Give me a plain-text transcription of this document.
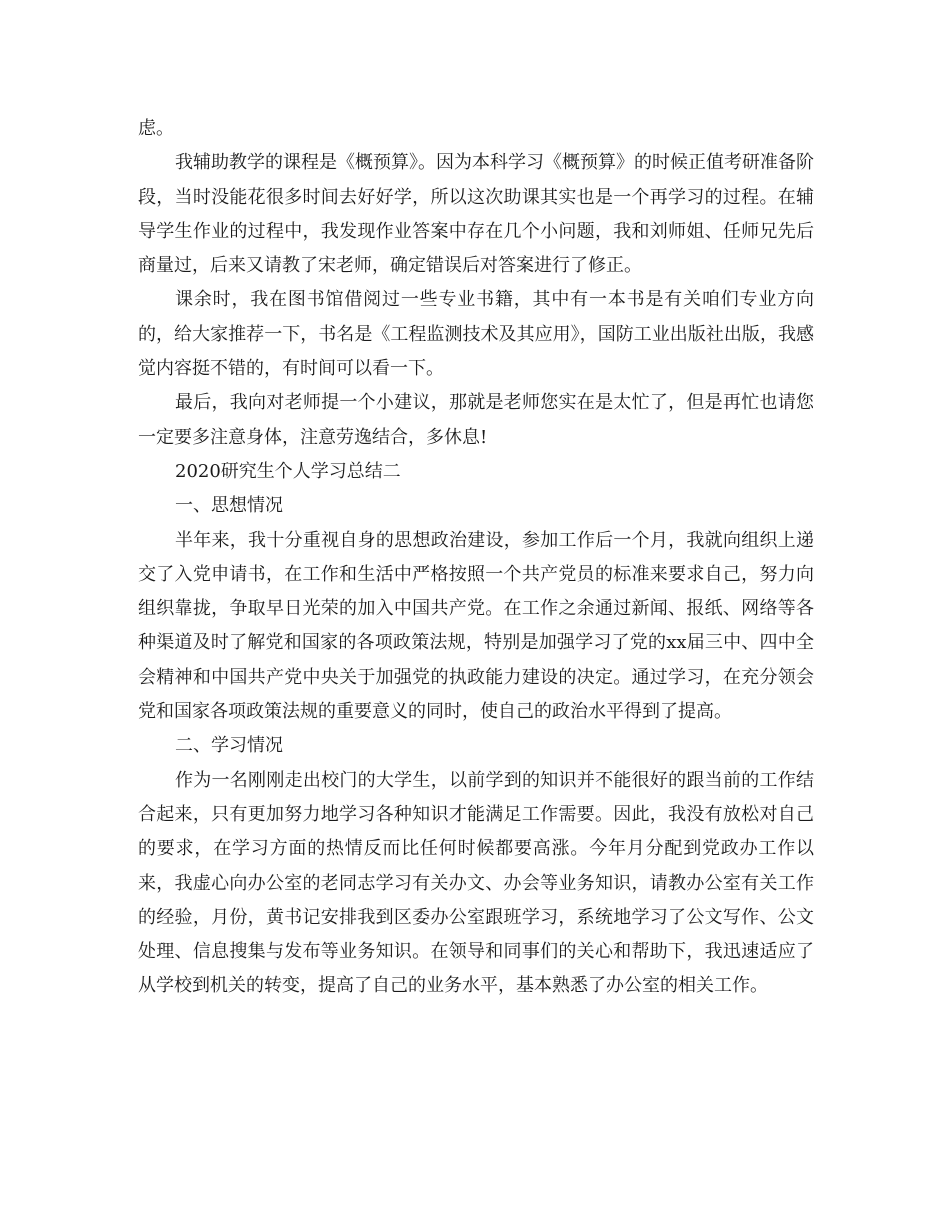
虑。

我辅助教学的课程是《概预算》。因为本科学习《概预算》的时候正值考研准备阶段，当时没能花很多时间去好好学，所以这次助课其实也是一个再学习的过程。在辅导学生作业的过程中，我发现作业答案中存在几个小问题，我和刘师姐、任师兄先后商量过，后来又请教了宋老师，确定错误后对答案进行了修正。

课余时，我在图书馆借阅过一些专业书籍，其中有一本书是有关咱们专业方向的，给大家推荐一下，书名是《工程监测技术及其应用》，国防工业出版社出版，我感觉内容挺不错的，有时间可以看一下。

最后，我向对老师提一个小建议，那就是老师您实在是太忙了，但是再忙也请您一定要多注意身体，注意劳逸结合，多休息!

2020研究生个人学习总结二

一、思想情况

半年来，我十分重视自身的思想政治建设，参加工作后一个月，我就向组织上递交了入党申请书，在工作和生活中严格按照一个共产党员的标准来要求自己，努力向组织靠拢，争取早日光荣的加入中国共产党。在工作之余通过新闻、报纸、网络等各种渠道及时了解党和国家的各项政策法规，特别是加强学习了党的xx届三中、四中全会精神和中国共产党中央关于加强党的执政能力建设的决定。通过学习，在充分领会党和国家各项政策法规的重要意义的同时，使自己的政治水平得到了提高。

二、学习情况

作为一名刚刚走出校门的大学生，以前学到的知识并不能很好的跟当前的工作结合起来，只有更加努力地学习各种知识才能满足工作需要。因此，我没有放松对自己的要求，在学习方面的热情反而比任何时候都要高涨。今年月分配到党政办工作以来，我虚心向办公室的老同志学习有关办文、办会等业务知识，请教办公室有关工作的经验，月份，黄书记安排我到区委办公室跟班学习，系统地学习了公文写作、公文处理、信息搜集与发布等业务知识。在领导和同事们的关心和帮助下，我迅速适应了从学校到机关的转变，提高了自己的业务水平，基本熟悉了办公室的相关工作。
